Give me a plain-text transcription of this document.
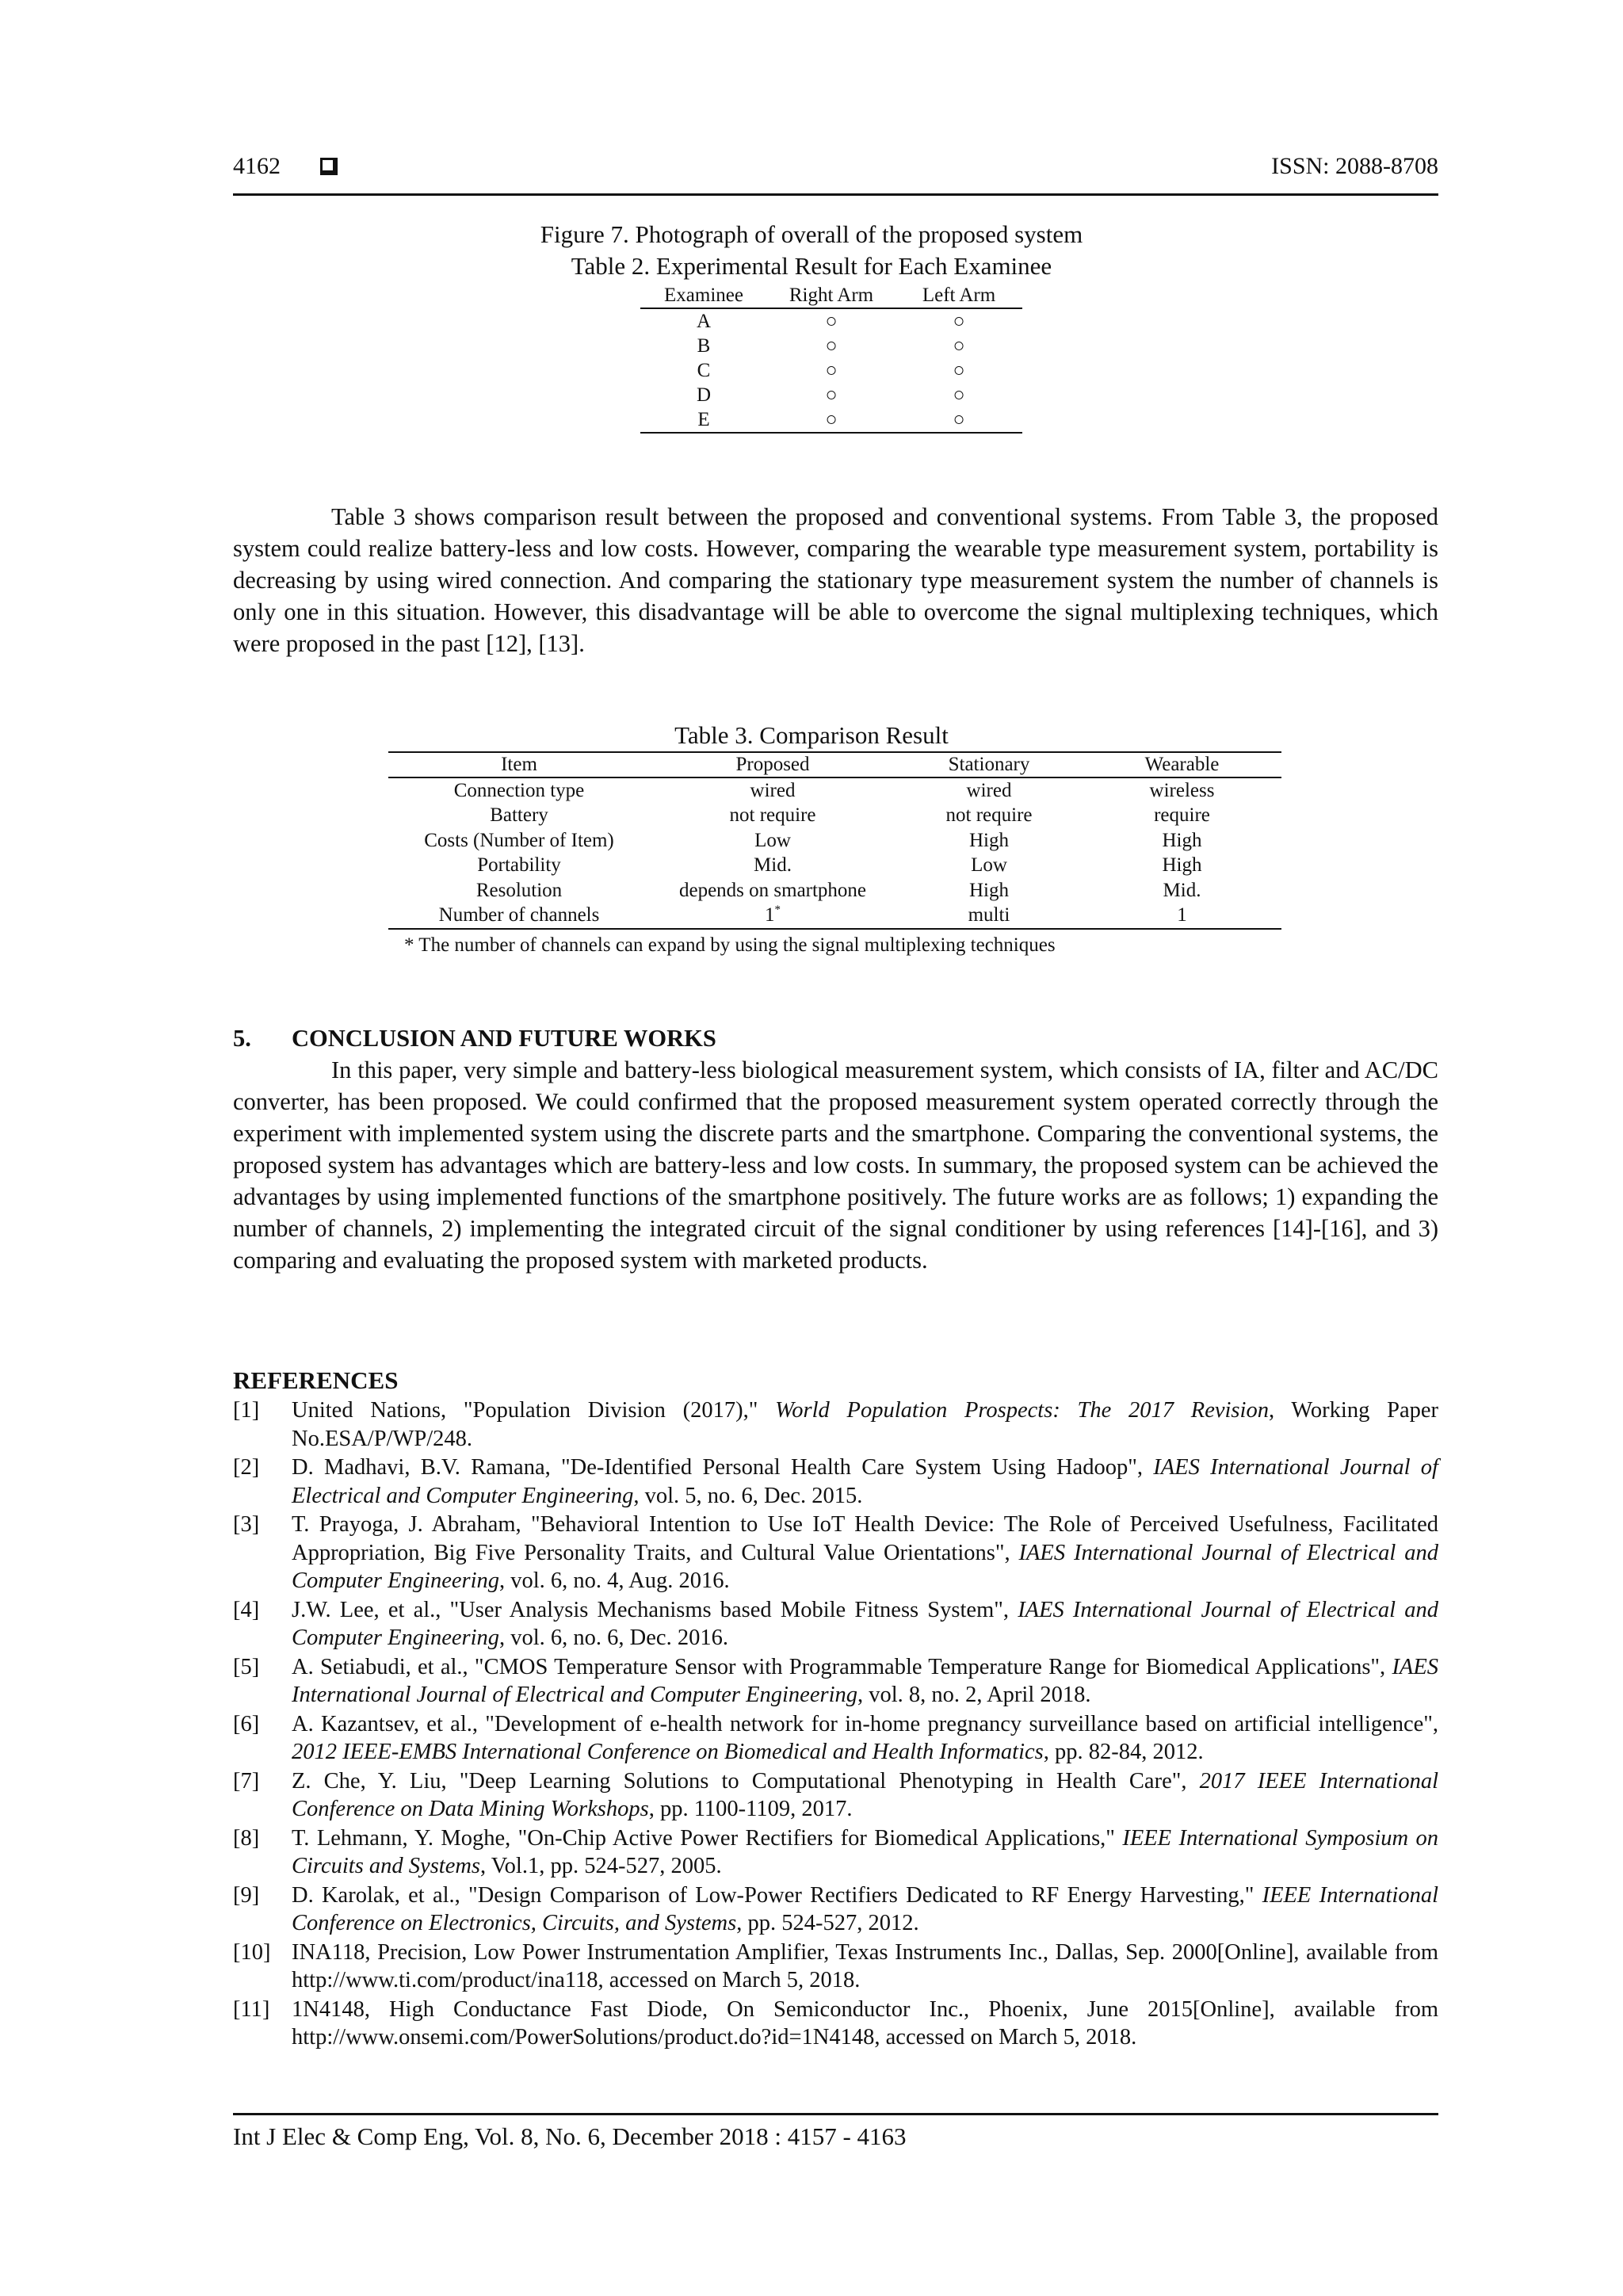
4162	ISSN: 2088-8708
Figure 7. Photograph of overall of the proposed system
Table 2. Experimental Result for Each Examinee
Examinee	Right Arm	Left Arm
A	○	○
B	○	○
C	○	○
D	○	○
E	○	○

Table 3 shows comparison result between the proposed and conventional systems. From Table 3, the proposed system could realize battery-less and low costs. However, comparing the wearable type measurement system, portability is decreasing by using wired connection. And comparing the stationary type measurement system the number of channels is only one in this situation. However, this disadvantage will be able to overcome the signal multiplexing techniques, which were proposed in the past [12], [13].

Table 3. Comparison Result
Item	Proposed	Stationary	Wearable
Connection type	wired	wired	wireless
Battery	not require	not require	require
Costs (Number of Item)	Low	High	High
Portability	Mid.	Low	High
Resolution	depends on smartphone	High	Mid.
Number of channels	1*	multi	1
* The number of channels can expand by using the signal multiplexing techniques
5. CONCLUSION AND FUTURE WORKS

In this paper, very simple and battery-less biological measurement system, which consists of IA, filter and AC/DC converter, has been proposed. We could confirmed that the proposed measurement system operated correctly through the experiment with implemented system using the discrete parts and the smartphone. Comparing the conventional systems, the proposed system has advantages which are battery-less and low costs. In summary, the proposed system can be achieved the advantages by using implemented functions of the smartphone positively. The future works are as follows; 1) expanding the number of channels, 2) implementing the integrated circuit of the signal conditioner by using references [14]-[16], and 3) comparing and evaluating the proposed system with marketed products.

REFERENCES
[1]	United Nations, "Population Division (2017)," World Population Prospects: The 2017 Revision, Working Paper No.ESA/P/WP/248.
[2]	D. Madhavi, B.V. Ramana, "De-Identified Personal Health Care System Using Hadoop", IAES International Journal of Electrical and Computer Engineering, vol. 5, no. 6, Dec. 2015.
[3]	T. Prayoga, J. Abraham, "Behavioral Intention to Use IoT Health Device: The Role of Perceived Usefulness, Facilitated Appropriation, Big Five Personality Traits, and Cultural Value Orientations", IAES International Journal of Electrical and Computer Engineering, vol. 6, no. 4, Aug. 2016.
[4]	J.W. Lee, et al., "User Analysis Mechanisms based Mobile Fitness System", IAES International Journal of Electrical and Computer Engineering, vol. 6, no. 6, Dec. 2016.
[5]	A. Setiabudi, et al., "CMOS Temperature Sensor with Programmable Temperature Range for Biomedical Applications", IAES International Journal of Electrical and Computer Engineering, vol. 8, no. 2, April 2018.
[6]	A. Kazantsev, et al., "Development of e-health network for in-home pregnancy surveillance based on artificial intelligence", 2012 IEEE-EMBS International Conference on Biomedical and Health Informatics, pp. 82-84, 2012.
[7]	Z. Che, Y. Liu, "Deep Learning Solutions to Computational Phenotyping in Health Care", 2017 IEEE International Conference on Data Mining Workshops, pp. 1100-1109, 2017.
[8]	T. Lehmann, Y. Moghe, "On-Chip Active Power Rectifiers for Biomedical Applications," IEEE International Symposium on Circuits and Systems, Vol.1, pp. 524-527, 2005.
[9]	D. Karolak, et al., "Design Comparison of Low-Power Rectifiers Dedicated to RF Energy Harvesting," IEEE International Conference on Electronics, Circuits, and Systems, pp. 524-527, 2012.
[10] INA118, Precision, Low Power Instrumentation Amplifier, Texas Instruments Inc., Dallas, Sep. 2000[Online], available from http://www.ti.com/product/ina118, accessed on March 5, 2018.
[11] 1N4148, High Conductance Fast Diode, On Semiconductor Inc., Phoenix, June 2015[Online], available from http://www.onsemi.com/PowerSolutions/product.do?id=1N4148, accessed on March 5, 2018.
Int J Elec & Comp Eng, Vol. 8, No. 6, December 2018 : 4157 - 4163
